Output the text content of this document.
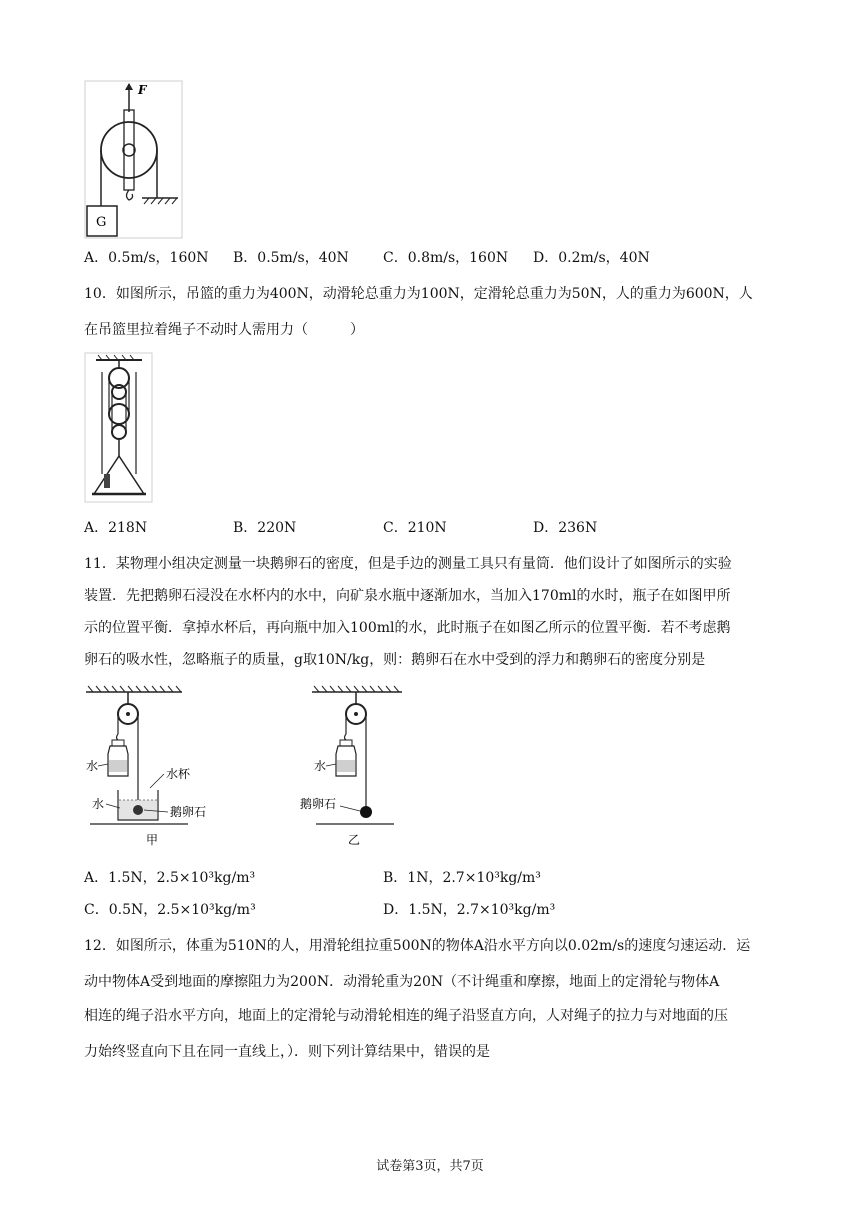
F
G
A．0.5m/s，160N B．0.5m/s，40N C．0.8m/s，160N D．0.2m/s，40N
10．如图所示，吊篮的重力为400N，动滑轮总重力为100N，定滑轮总重力为50N，人的重力为600N，人
在吊篮里拉着绳子不动时人需用力（　　　）
A．218N	B．220N	C．210N	D．236N
11．某物理小组决定测量一块鹅卵石的密度，但是手边的测量工具只有量筒．他们设计了如图所示的实验
装置．先把鹅卵石浸没在水杯内的水中，向矿泉水瓶中逐渐加水，当加入170ml的水时，瓶子在如图甲所
示的位置平衡．拿掉水杯后，再向瓶中加入100ml的水，此时瓶子在如图乙所示的位置平衡．若不考虑鹅
卵石的吸水性，忽略瓶子的质量，g取10N/kg，则：鹅卵石在水中受到的浮力和鹅卵石的密度分别是
水
水杯
水
鹅卵石
甲
水
鹅卵石
乙
A．1.5N，2.5×10³kg/m³	B．1N，2.7×10³kg/m³
C．0.5N，2.5×10³kg/m³	D．1.5N，2.7×10³kg/m³
12．如图所示，体重为510N的人，用滑轮组拉重500N的物体A沿水平方向以0.02m/s的速度匀速运动．运
动中物体A受到地面的摩擦阻力为200N．动滑轮重为20N（不计绳重和摩擦，地面上的定滑轮与物体A
相连的绳子沿水平方向，地面上的定滑轮与动滑轮相连的绳子沿竖直方向，人对绳子的拉力与对地面的压
力始终竖直向下且在同一直线上，）．则下列计算结果中，错误的是
试卷第3页，共7页
